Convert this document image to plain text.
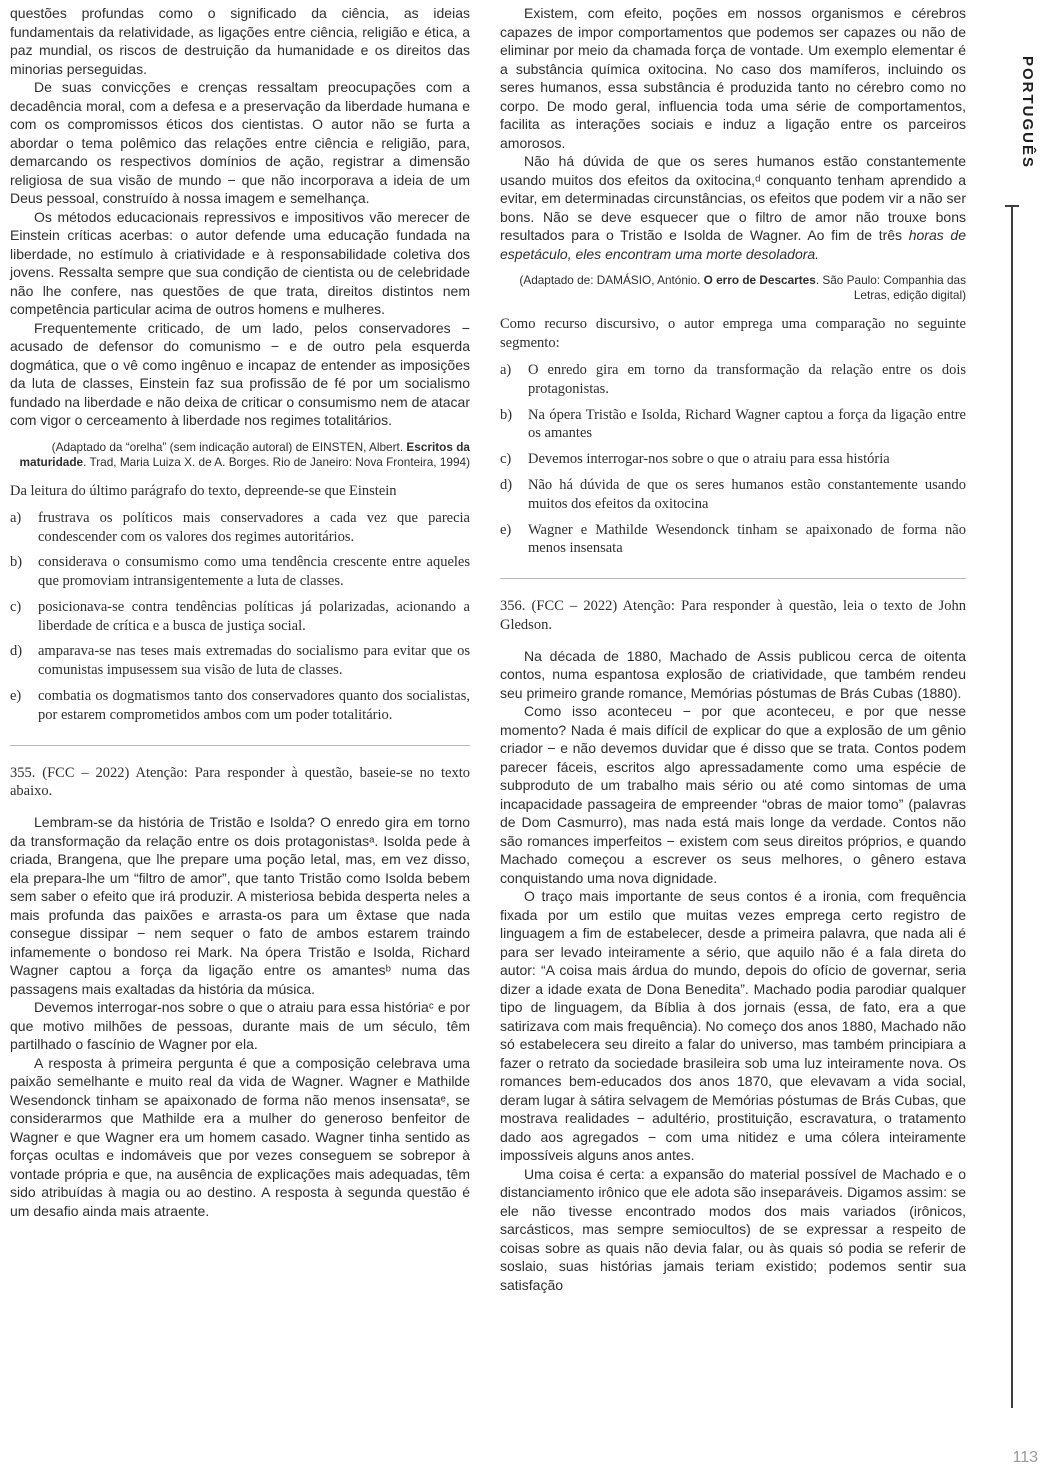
questões profundas como o significado da ciência, as ideias fundamentais da relatividade, as ligações entre ciência, religião e ética, a paz mundial, os riscos de destruição da humanidade e os direitos das minorias perseguidas.

De suas convicções e crenças ressaltam preocupações com a decadência moral, com a defesa e a preservação da liberdade humana e com os compromissos éticos dos cientistas. O autor não se furta a abordar o tema polêmico das relações entre ciência e religião, para, demarcando os respectivos domínios de ação, registrar a dimensão religiosa de sua visão de mundo − que não incorporava a ideia de um Deus pessoal, construído à nossa imagem e semelhança.

Os métodos educacionais repressivos e impositivos vão merecer de Einstein críticas acerbas: o autor defende uma educação fundada na liberdade, no estímulo à criatividade e à responsabilidade coletiva dos jovens. Ressalta sempre que sua condição de cientista ou de celebridade não lhe confere, nas questões de que trata, direitos distintos nem competência particular acima de outros homens e mulheres.

Frequentemente criticado, de um lado, pelos conservadores − acusado de defensor do comunismo − e de outro pela esquerda dogmática, que o vê como ingênuo e incapaz de entender as imposições da luta de classes, Einstein faz sua profissão de fé por um socialismo fundado na liberdade e não deixa de criticar o consumismo nem de atacar com vigor o cerceamento à liberdade nos regimes totalitários.

(Adaptado da “orelha” (sem indicação autoral) de EINSTEN, Albert. Escritos da maturidade. Trad, Maria Luiza X. de A. Borges. Rio de Janeiro: Nova Fronteira, 1994)

Da leitura do último parágrafo do texto, depreende-se que Einstein

a)	frustrava os políticos mais conservadores a cada vez que parecia condescender com os valores dos regimes autoritários.
b)	considerava o consumismo como uma tendência crescente entre aqueles que promoviam intransigentemente a luta de classes.
c)	posicionava-se contra tendências políticas já polarizadas, acionando a liberdade de crítica e a busca de justiça social.
d)	amparava-se nas teses mais extremadas do socialismo para evitar que os comunistas impusessem sua visão de luta de classes.
e)	combatia os dogmatismos tanto dos conservadores quanto dos socialistas, por estarem comprometidos ambos com um poder totalitário.

355. (FCC – 2022) Atenção: Para responder à questão, baseie-se no texto abaixo.

Lembram-se da história de Tristão e Isolda? O enredo gira em torno da transformação da relação entre os dois protagonistasᵃ. Isolda pede à criada, Brangena, que lhe prepare uma poção letal, mas, em vez disso, ela prepara-lhe um “filtro de amor”, que tanto Tristão como Isolda bebem sem saber o efeito que irá produzir. A misteriosa bebida desperta neles a mais profunda das paixões e arrasta-os para um êxtase que nada consegue dissipar − nem sequer o fato de ambos estarem traindo infamemente o bondoso rei Mark. Na ópera Tristão e Isolda, Richard Wagner captou a força da ligação entre os amantesᵇ numa das passagens mais exaltadas da história da música.

Devemos interrogar-nos sobre o que o atraiu para essa históriaᶜ e por que motivo milhões de pessoas, durante mais de um século, têm partilhado o fascínio de Wagner por ela.

A resposta à primeira pergunta é que a composição celebrava uma paixão semelhante e muito real da vida de Wagner. Wagner e Mathilde Wesendonck tinham se apaixonado de forma não menos insensataᵉ, se considerarmos que Mathilde era a mulher do generoso benfeitor de Wagner e que Wagner era um homem casado. Wagner tinha sentido as forças ocultas e indomáveis que por vezes conseguem se sobrepor à vontade própria e que, na ausência de explicações mais adequadas, têm sido atribuídas à magia ou ao destino. A resposta à segunda questão é um desafio ainda mais atraente.

Existem, com efeito, poções em nossos organismos e cérebros capazes de impor comportamentos que podemos ser capazes ou não de eliminar por meio da chamada força de vontade. Um exemplo elementar é a substância química oxitocina. No caso dos mamíferos, incluindo os seres humanos, essa substância é produzida tanto no cérebro como no corpo. De modo geral, influencia toda uma série de comportamentos, facilita as interações sociais e induz a ligação entre os parceiros amorosos.

Não há dúvida de que os seres humanos estão constantemente usando muitos dos efeitos da oxitocina,ᵈ conquanto tenham aprendido a evitar, em determinadas circunstâncias, os efeitos que podem vir a não ser bons. Não se deve esquecer que o filtro de amor não trouxe bons resultados para o Tristão e Isolda de Wagner. Ao fim de três horas de espetáculo, eles encontram uma morte desoladora.

(Adaptado de: DAMÁSIO, António. O erro de Descartes. São Paulo: Companhia das Letras, edição digital)

Como recurso discursivo, o autor emprega uma comparação no seguinte segmento:

a)	O enredo gira em torno da transformação da relação entre os dois protagonistas.
b)	Na ópera Tristão e Isolda, Richard Wagner captou a força da ligação entre os amantes
c)	Devemos interrogar-nos sobre o que o atraiu para essa história
d)	Não há dúvida de que os seres humanos estão constantemente usando muitos dos efeitos da oxitocina
e)	Wagner e Mathilde Wesendonck tinham se apaixonado de forma não menos insensata

356. (FCC – 2022) Atenção: Para responder à questão, leia o texto de John Gledson.

Na década de 1880, Machado de Assis publicou cerca de oitenta contos, numa espantosa explosão de criatividade, que também rendeu seu primeiro grande romance, Memórias póstumas de Brás Cubas (1880).

Como isso aconteceu − por que aconteceu, e por que nesse momento? Nada é mais difícil de explicar do que a explosão de um gênio criador − e não devemos duvidar que é disso que se trata. Contos podem parecer fáceis, escritos algo apressadamente como uma espécie de subproduto de um trabalho mais sério ou até como sintomas de uma incapacidade passageira de empreender “obras de maior tomo” (palavras de Dom Casmurro), mas nada está mais longe da verdade. Contos não são romances imperfeitos − existem com seus direitos próprios, e quando Machado começou a escrever os seus melhores, o gênero estava conquistando uma nova dignidade.

O traço mais importante de seus contos é a ironia, com frequência fixada por um estilo que muitas vezes emprega certo registro de linguagem a fim de estabelecer, desde a primeira palavra, que nada ali é para ser levado inteiramente a sério, que aquilo não é a fala direta do autor: “A coisa mais árdua do mundo, depois do ofício de governar, seria dizer a idade exata de Dona Benedita”. Machado podia parodiar qualquer tipo de linguagem, da Bíblia à dos jornais (essa, de fato, era a que satirizava com mais frequência). No começo dos anos 1880, Machado não só estabelecera seu direito a falar do universo, mas também principiara a fazer o retrato da sociedade brasileira sob uma luz inteiramente nova. Os romances bem-educados dos anos 1870, que elevavam a vida social, deram lugar à sátira selvagem de Memórias póstumas de Brás Cubas, que mostrava realidades − adultério, prostituição, escravatura, o tratamento dado aos agregados − com uma nitidez e uma cólera inteiramente impossíveis alguns anos antes.

Uma coisa é certa: a expansão do material possível de Machado e o distanciamento irônico que ele adota são inseparáveis. Digamos assim: se ele não tivesse encontrado modos dos mais variados (irônicos, sarcásticos, mas sempre semiocultos) de se expressar a respeito de coisas sobre as quais não devia falar, ou às quais só podia se referir de soslaio, suas histórias jamais teriam existido; podemos sentir sua satisfação

PORTUGUÊS
113
